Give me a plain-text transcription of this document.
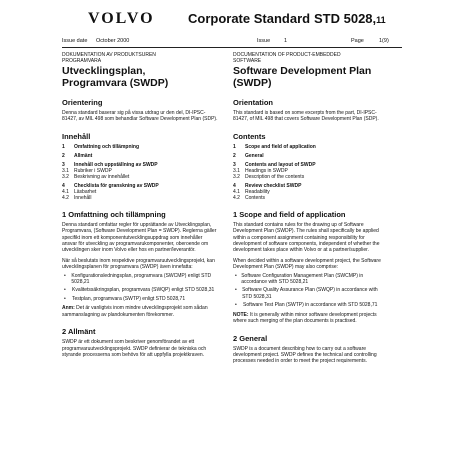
VOLVO	Corporate Standard STD 5028,11
Issue date October 2000	Issue	1	Page	1(9)
DOKUMENTATION AV PRODUKTSUREN
PROGRAMVARA
Utvecklingsplan,
Programvara (SWDP)
Orientering
Denna standard baserar sig på vissa utdrag ur den del, DI-IPSC-81427, av MIL 498 som behandlar Software Development Plan (SDP).
Innehåll
1	Omfattning och tillämpning
2	Allmänt
3	Innehåll och uppställning av SWDP
3.1	Rubriker i SWDP
3.2	Beskrivning av innehållet
4	Checklista för granskning av SWDP
4.1	Läsbarhet
4.2	Innehåll
1 Omfattning och tillämpning
Denna standard omfattar regler för upprättande av Utvecklingsplan, Programvara, (Software Development Plan = SWDP). Reglerna gäller specifikt inom ett komponentutvecklingsuppdrag som innehåller ansvar för utveckling av programvarukomponenter, oberoende om utvecklingen sker inom Volvo eller hos en partner/leverantör.
När så beslutats inom respektive programvaruutvecklingsprojekt, kan utvecklingsplanen för programvara (SWDP) även innefatta:
•	Konfigurationsledningsplan, programvara (SWCMP) enligt STD 5028,21
•	Kvalitetssäkringsplan, programvara (SWQP) enligt STD 5028,31
•	Testplan, programvara (SWTP) enligt STD 5028,71
Anm: Det är vanligtvis inom mindre utvecklingsprojekt som sådan sammanslagning av plandokumenten förekommer.
2 Allmänt
SWDP är ett dokument som beskriver genomförandet av ett programvaruutvecklingsprojekt. SWDP definierar de tekniska och styrande processerna som behövs för att uppfylla projektkraven.
DOCUMENTATION OF PRODUCT-EMBEDDED
SOFTWARE
Software Development Plan
(SWDP)
Orientation
This standard is based on some excerpts from the part, DI-IPSC-81427, of MIL 498 that covers Software Development Plan (SDP).
Contents
1	Scope and field of application
2	General
3	Contents and layout of SWDP
3.1	Headings in SWDP
3.2	Description of the contents
4	Review checklist SWDP
4.1	Readability
4.2	Contents
1 Scope and field of application
This standard contains rules for the drawing up of Software Development Plan (SWDP). The rules shall specifically be applied within a component assignment containing responsibility for development of software components, independent of whether the development takes place within Volvo or at a partner/supplier.
When decided within a software development project, the Software Development Plan (SWDP) may also comprise:
• Software Configuration Management Plan (SWCMP) in accordance with STD 5028,21
•	Software Quality Assurance Plan (SWQP) in accordance with STD 5028,31
•	Software Test Plan (SWTP) in accordance with STD 5028,71
NOTE: It is generally within minor software development projects where such merging of the plan documents is practised.
2 General
SWDP is a document describing how to carry out a software development project. SWDP defines the technical and controlling processes needed in order to meet the project requirements.
